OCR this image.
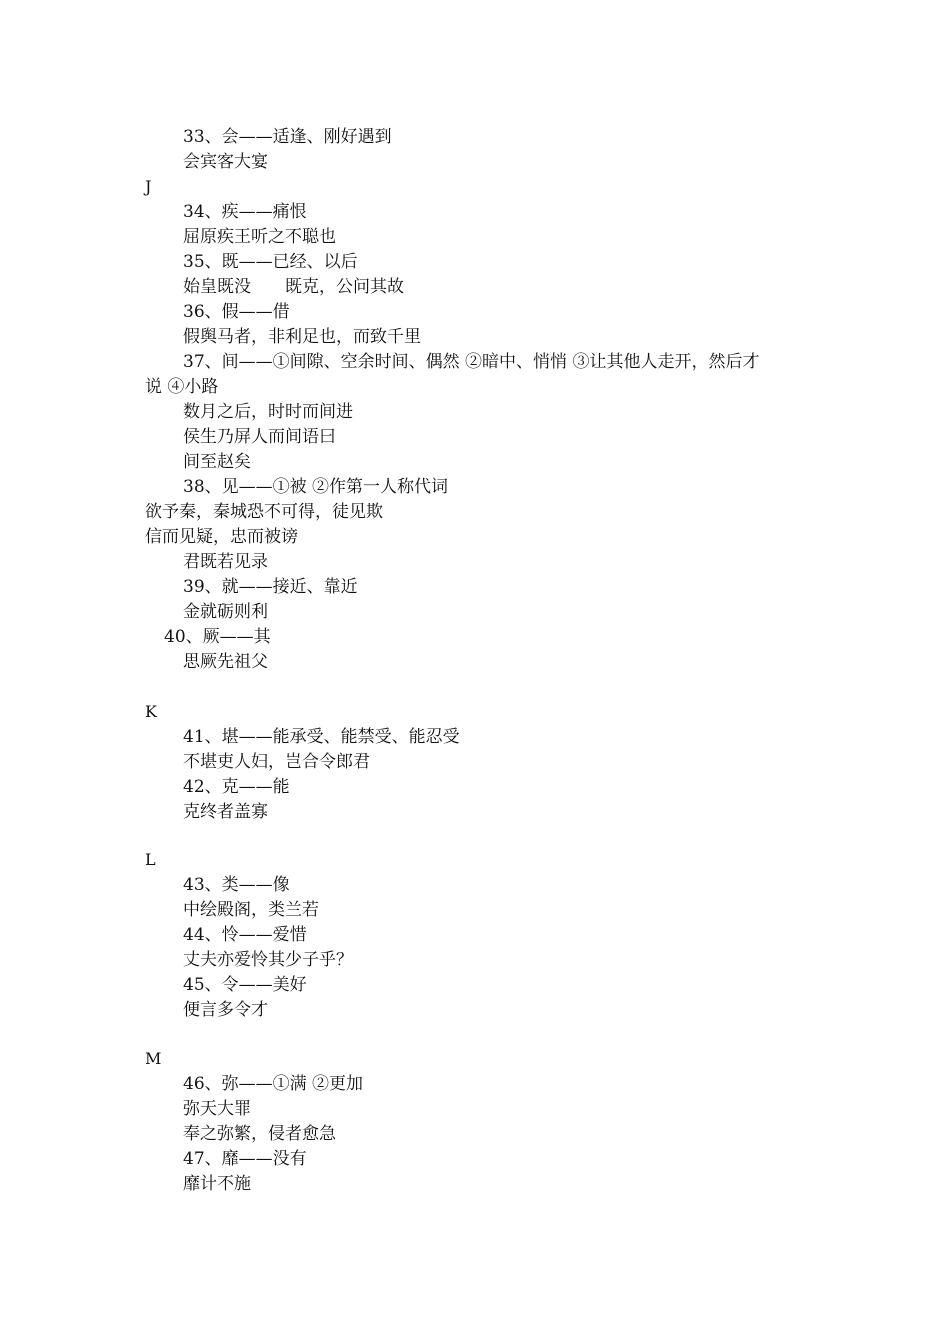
33、会——适逢、刚好遇到
会宾客大宴
J
34、疾——痛恨
屈原疾王听之不聪也
35、既——已经、以后
始皇既没　　既克，公问其故
36、假——借
假舆马者，非利足也，而致千里
37、间——①间隙、空余时间、偶然 ②暗中、悄悄 ③让其他人走开，然后才
说 ④小路
数月之后，时时而间进
侯生乃屏人而间语曰
间至赵矣
38、见——①被 ②作第一人称代词
欲予秦，秦城恐不可得，徒见欺
信而见疑，忠而被谤
君既若见录
39、就——接近、靠近
金就砺则利
40、厥——其
思厥先祖父
K
41、堪——能承受、能禁受、能忍受
不堪吏人妇，岂合令郎君
42、克——能
克终者盖寡
L
43、类——像
中绘殿阁，类兰若
44、怜——爱惜
丈夫亦爱怜其少子乎？
45、令——美好
便言多令才
M
46、弥——①满 ②更加
弥天大罪
奉之弥繁，侵者愈急
47、靡——没有
靡计不施
